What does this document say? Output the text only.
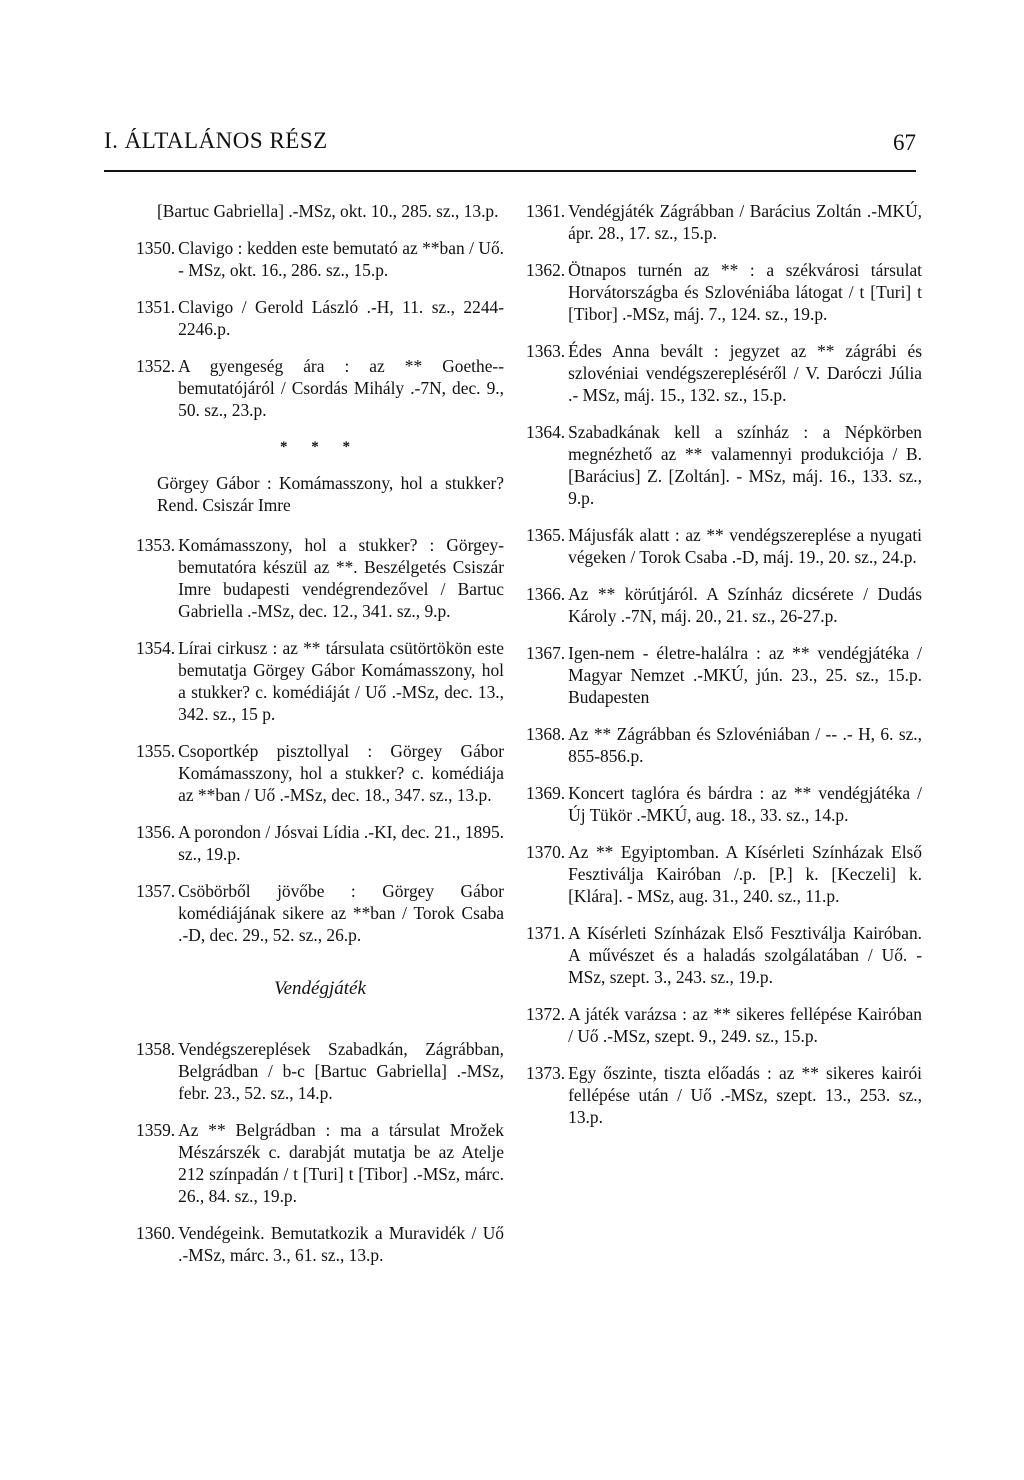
I. ÁLTALÁNOS RÉSZ	67
[Bartuc Gabriella] .-MSz, okt. 10., 285. sz., 13.p.
1350. Clavigo : kedden este bemutató az **ban / Uő. - MSz, okt. 16., 286. sz., 15.p.
1351. Clavigo / Gerold László .-H, 11. sz., 2244-2246.p.
1352. A gyengeség ára : az ** Goethe--bemutatójáról / Csordás Mihály .-7N, dec. 9., 50. sz., 23.p.
* * *
Görgey Gábor : Komámasszony, hol a stukker? Rend. Csiszár Imre
1353. Komámasszony, hol a stukker? : Görgey-bemutatóra készül az **. Beszélgetés Csiszár Imre budapesti vendégrendezővel / Bartuc Gabriella .-MSz, dec. 12., 341. sz., 9.p.
1354. Lírai cirkusz : az ** társulata csütörtökön este bemutatja Görgey Gábor Komámasszony, hol a stukker? c. komédiáját / Uő .-MSz, dec. 13., 342. sz., 15 p.
1355. Csoportkép pisztollyal : Görgey Gábor Komámasszony, hol a stukker? c. komédiája az **ban / Uő .-MSz, dec. 18., 347. sz., 13.p.
1356. A porondon / Jósvai Lídia .-KI, dec. 21., 1895. sz., 19.p.
1357. Csöbörből jövőbe : Görgey Gábor komédiájának sikere az **ban / Torok Csaba .-D, dec. 29., 52. sz., 26.p.
Vendégjáték
1358. Vendégszereplések Szabadkán, Zágrábban, Belgrádban / b-c [Bartuc Gabriella] .-MSz, febr. 23., 52. sz., 14.p.
1359. Az ** Belgrádban : ma a társulat Mrožek Mészárszék c. darabját mutatja be az Atelje 212 színpadán / t [Turi] t [Tibor] .-MSz, márc. 26., 84. sz., 19.p.
1360. Vendégeink. Bemutatkozik a Muravidék / Uő .-MSz, márc. 3., 61. sz., 13.p.
1361. Vendégjáték Zágrábban / Barácius Zoltán .-MKÚ, ápr. 28., 17. sz., 15.p.
1362. Ötnapos turnén az ** : a székvárosi társulat Horvátországba és Szlovéniába látogat / t [Turi] t [Tibor] .-MSz, máj. 7., 124. sz., 19.p.
1363. Édes Anna bevált : jegyzet az ** zágrábi és szlovéniai vendégszerepléséről / V. Daróczi Júlia .- MSz, máj. 15., 132. sz., 15.p.
1364. Szabadkának kell a színház : a Népkörben megnézhető az ** valamennyi produkciója / B. [Barácius] Z. [Zoltán]. - MSz, máj. 16., 133. sz., 9.p.
1365. Májusfák alatt : az ** vendégszereplése a nyugati végeken / Torok Csaba .-D, máj. 19., 20. sz., 24.p.
1366. Az ** körútjáról. A Színház dicsérete / Dudás Károly .-7N, máj. 20., 21. sz., 26-27.p.
1367. Igen-nem - életre-halálra : az ** vendégjátéka / Magyar Nemzet .-MKÚ, jún. 23., 25. sz., 15.p. Budapesten
1368. Az ** Zágrábban és Szlovéniában / -- .- H, 6. sz., 855-856.p.
1369. Koncert taglóra és bárdra : az ** vendégjátéka / Új Tükör .-MKÚ, aug. 18., 33. sz., 14.p.
1370. Az ** Egyiptomban. A Kísérleti Színházak Első Fesztiválja Kairóban /.p. [P.] k. [Keczeli] k. [Klára]. - MSz, aug. 31., 240. sz., 11.p.
1371. A Kísérleti Színházak Első Fesztiválja Kairóban. A művészet és a haladás szolgálatában / Uő. - MSz, szept. 3., 243. sz., 19.p.
1372. A játék varázsa : az ** sikeres fellépése Kairóban / Uő .-MSz, szept. 9., 249. sz., 15.p.
1373. Egy őszinte, tiszta előadás : az ** sikeres kairói fellépése után / Uő .-MSz, szept. 13., 253. sz., 13.p.
